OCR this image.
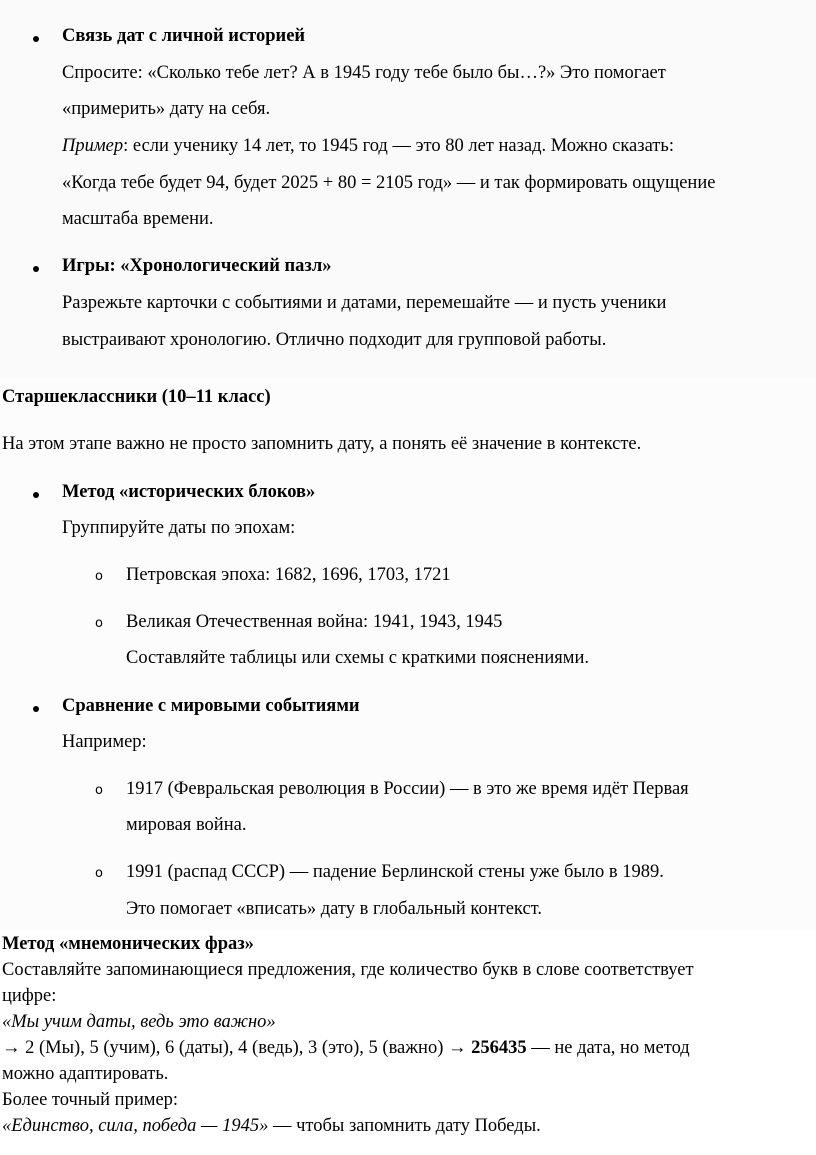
Связь дат с личной историей
Спросите: «Сколько тебе лет? А в 1945 году тебе было бы…?» Это помогает
«примерить» дату на себя.
Пример: если ученику 14 лет, то 1945 год — это 80 лет назад. Можно сказать:
«Когда тебе будет 94, будет 2025 + 80 = 2105 год» — и так формировать ощущение
масштаба времени.
Игры: «Хронологический пазл»
Разрежьте карточки с событиями и датами, перемешайте — и пусть ученики
выстраивают хронологию. Отлично подходит для групповой работы.
Старшеклассники (10–11 класс)
На этом этапе важно не просто запомнить дату, а понять её значение в контексте.
Метод «исторических блоков»
Группируйте даты по эпохам:
o Петровская эпоха: 1682, 1696, 1703, 1721
o Великая Отечественная война: 1941, 1943, 1945
Составляйте таблицы или схемы с краткими пояснениями.
Сравнение с мировыми событиями
Например:
o 1917 (Февральская революция в России) — в это же время идёт Первая
мировая война.
o 1991 (распад СССР) — падение Берлинской стены уже было в 1989.
Это помогает «вписать» дату в глобальный контекст.
Метод «мнемонических фраз»
Составляйте запоминающиеся предложения, где количество букв в слове соответствует
цифре:
«Мы учим даты, ведь это важно»
→ 2 (Мы), 5 (учим), 6 (даты), 4 (ведь), 3 (это), 5 (важно) → 256435 — не дата, но метод
можно адаптировать.
Более точный пример:
«Единство, сила, победа — 1945» — чтобы запомнить дату Победы.
